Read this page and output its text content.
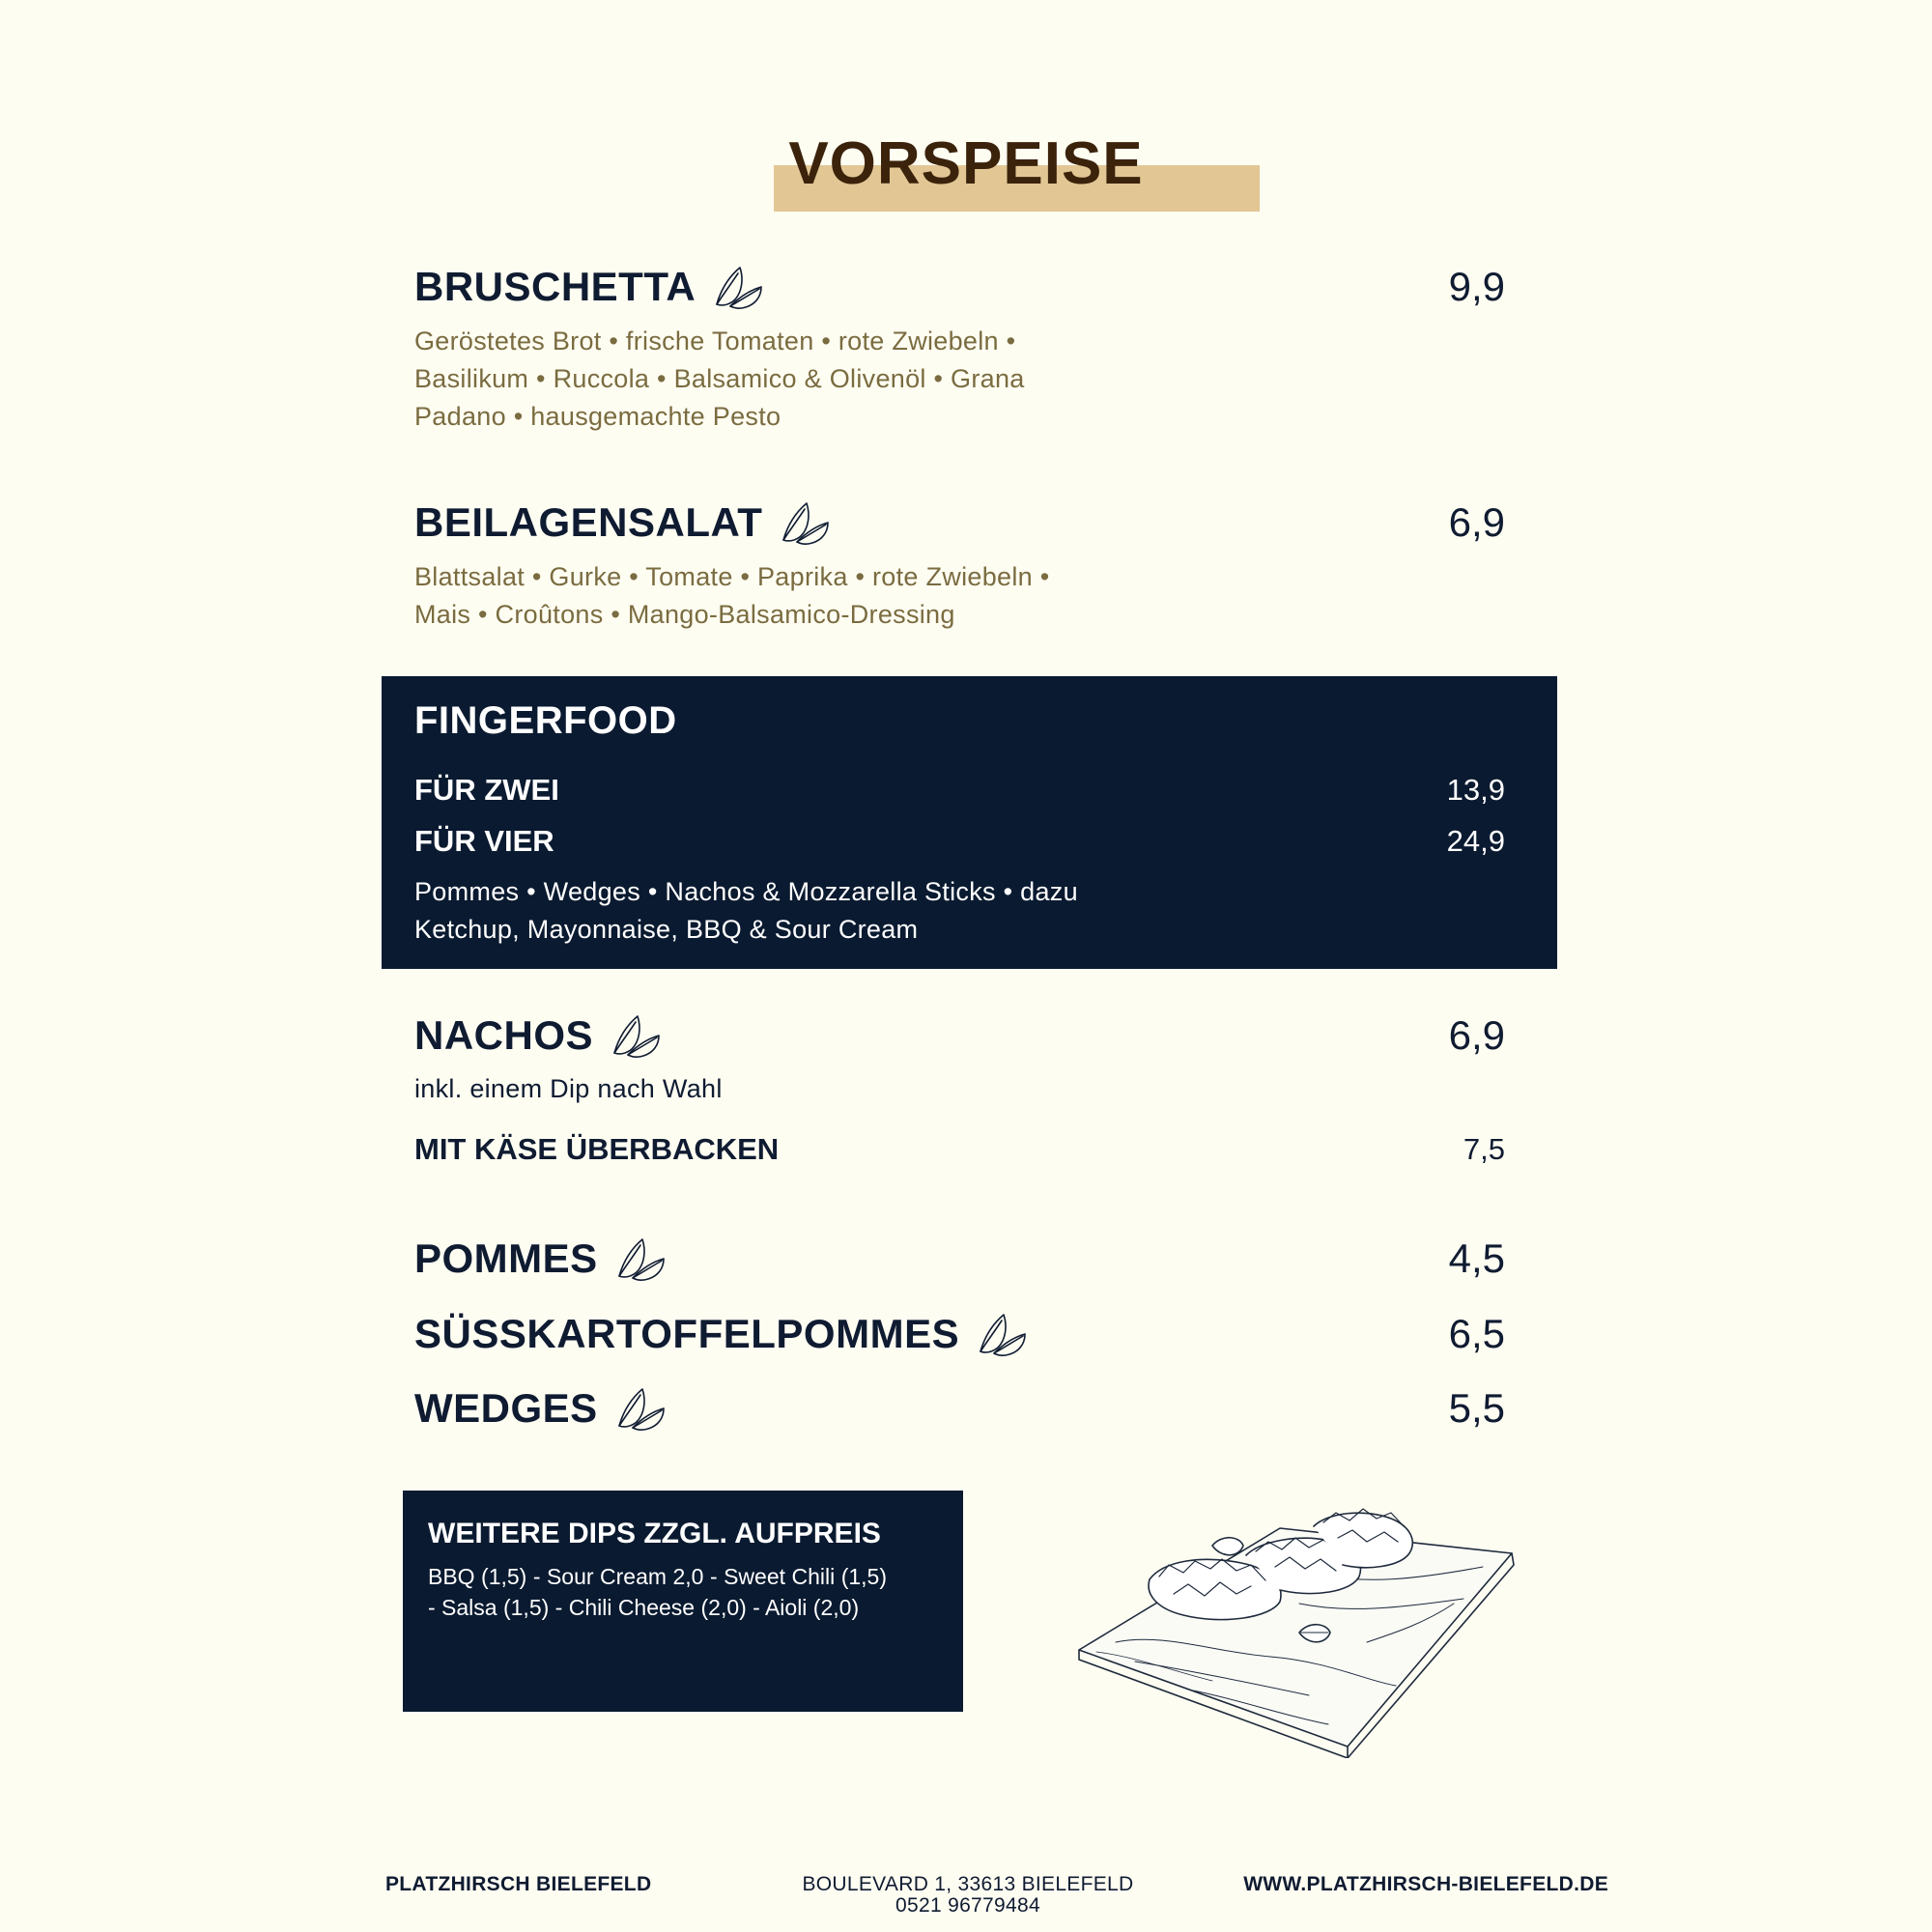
VORSPEISE
BRUSCHETTA	9,9
Geröstetes Brot • frische Tomaten • rote Zwiebeln •
Basilikum • Ruccola • Balsamico & Olivenöl • Grana
Padano • hausgemachte Pesto
BEILAGENSALAT	6,9
Blattsalat • Gurke • Tomate • Paprika • rote Zwiebeln •
Mais • Croûtons • Mango-Balsamico-Dressing
FINGERFOOD
FÜR ZWEI	13,9
FÜR VIER	24,9
Pommes • Wedges • Nachos & Mozzarella Sticks • dazu
Ketchup, Mayonnaise, BBQ & Sour Cream
NACHOS	6,9
inkl. einem Dip nach Wahl
MIT KÄSE ÜBERBACKEN	7,5
POMMES	4,5
SÜSSKARTOFFELPOMMES	6,5
WEDGES	5,5
WEITERE DIPS ZZGL. AUFPREIS
BBQ (1,5) - Sour Cream 2,0 - Sweet Chili (1,5) - Salsa (1,5) - Chili Cheese (2,0) - Aioli (2,0)
PLATZHIRSCH BIELEFELD	BOULEVARD 1, 33613 BIELEFELD
0521 96779484
WWW.PLATZHIRSCH-BIELEFELD.DE
